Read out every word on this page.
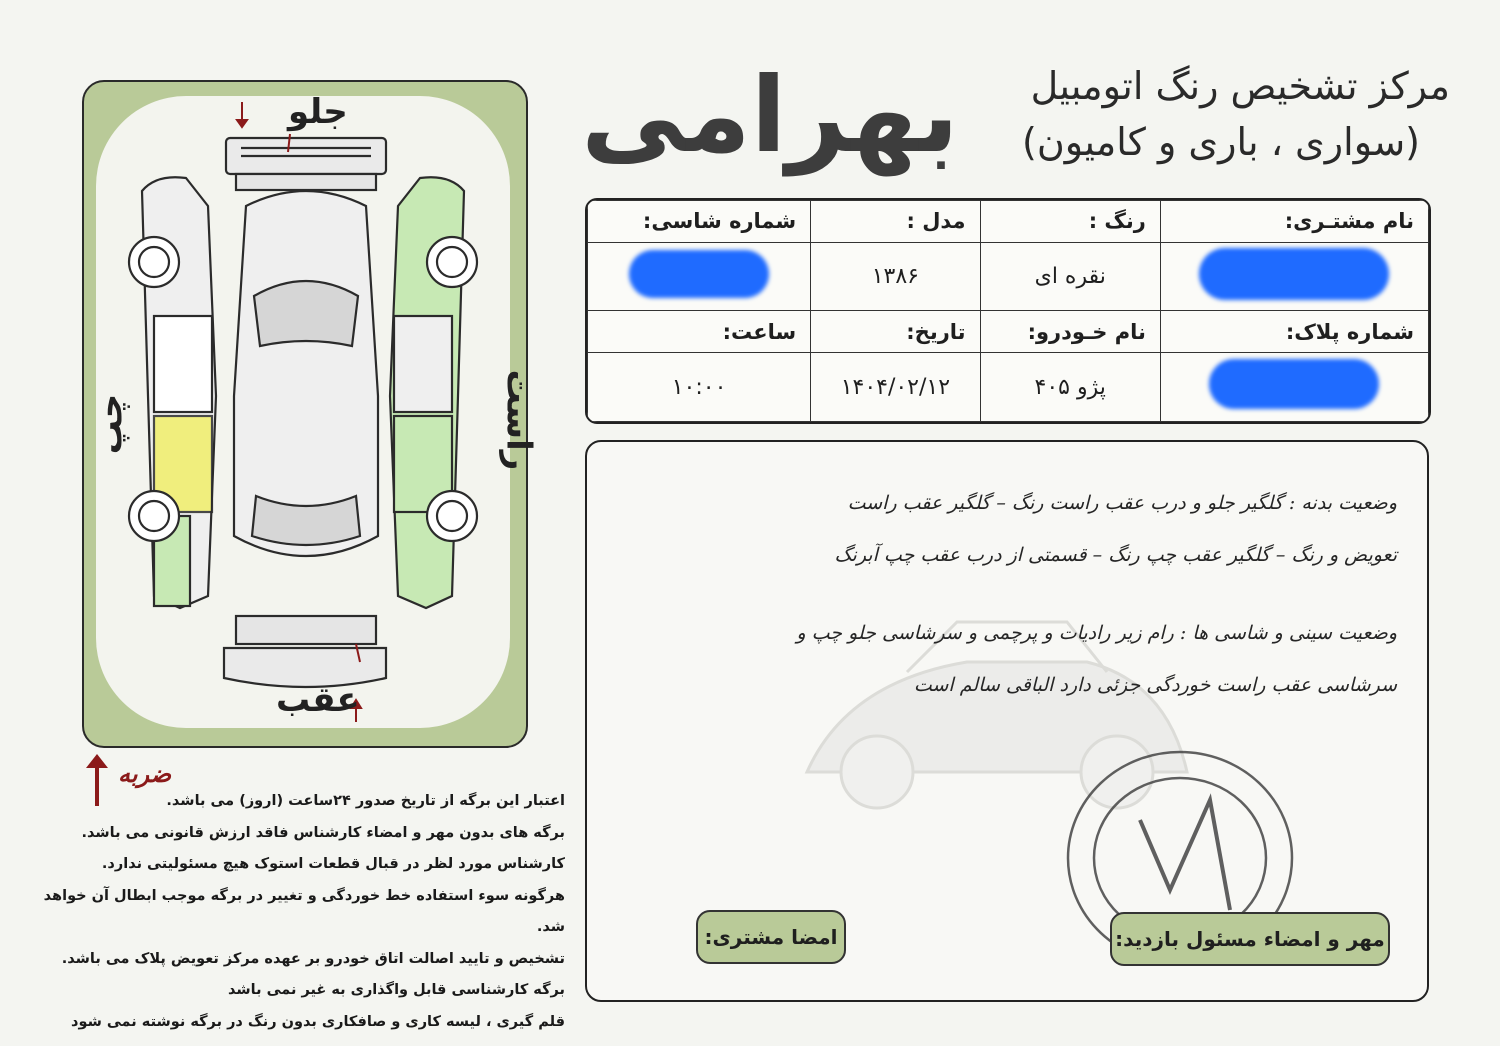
مرکز تشخیص رنگ اتومبیل
بهرامی	(سواری ، باری و کامیون)
نام مشتـری:	رنگ :	مدل :	شماره شاسی:
	نقره ای	۱۳۸۶	
شماره پلاک:	نام خـودرو:	تاریخ:	ساعت:
	پژو ۴۰۵	۱۴۰۴/۰۲/۱۲	۱۰:۰۰
جلو
عقب
چپ	راست
ضربه
اعتبار این برگه از تاریخ صدور ۲۴ساعت (اروز) می باشد.
برگه های بدون مهر و امضاء کارشناس فاقد ارزش قانونی می باشد.
کارشناس مورد لظر در قبال قطعات استوک هیچ مسئولیتی ندارد.
هرگونه سوء استفاده خط خوردگی و تغییر در برگه موجب ابطال آن خواهد شد.
تشخیص و تایید اصالت اتاق خودرو بر عهده مرکز تعویض پلاک می باشد.
برگه کارشناسی قابل واگذاری به غیر نمی باشد
قلم گیری ، لیسه کاری و صافکاری بدون رنگ در برگه نوشته نمی شود
وضعیت بدنه : گلگیر جلو و درب عقب راست رنگ – گلگیر عقب راست
تعویض و رنگ – گلگیر عقب چپ رنگ – قسمتی از درب عقب چپ آبرنگ
وضعیت سینی و شاسی ها : رام زیر رادیات و پرچمی و سرشاسی جلو چپ و
سرشاسی عقب راست خوردگی جزئی دارد الباقی سالم است
امضا مشتری:	مهر و امضاء مسئول بازدید:
